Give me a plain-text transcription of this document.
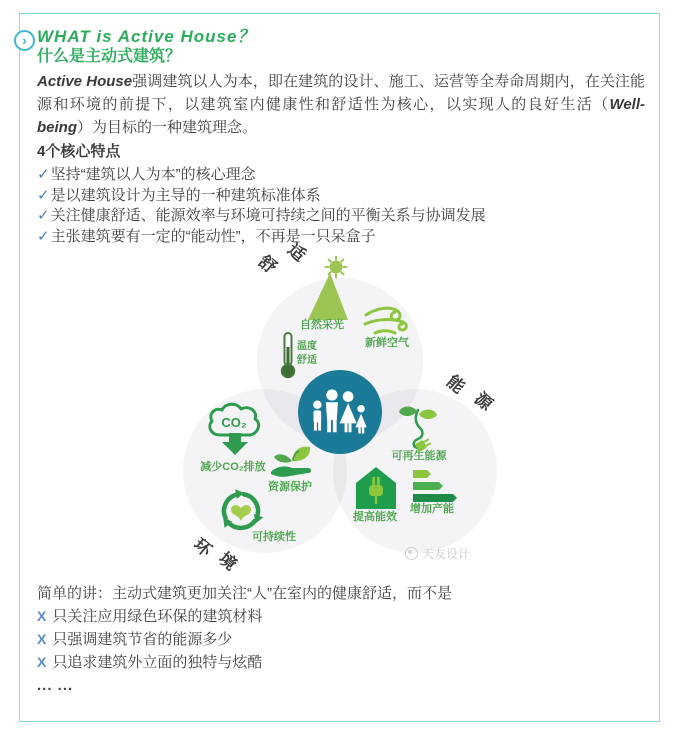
› WHAT is Active House？
什么是主动式建筑？

Active House强调建筑以人为本，即在建筑的设计、施工、运营等全寿命周期内，在关注能源和环境的前提下，以建筑室内健康性和舒适性为核心，以实现人的良好生活（Well-being）为目标的一种建筑理念。

4个核心特点
✓坚持“建筑以人为本”的核心理念
✓是以建筑设计为主导的一种建筑标准体系
✓关注健康舒适、能源效率与环境可持续之间的平衡关系与协调发展
✓主张建筑要有一定的“能动性”，不再是一只呆盒子
舒 适
能
源
环
境
自然采光
新鲜空气
温度
舒适
CO₂
减少CO₂排放
资源保护
可持续性
可再生能源
提高能效
增加产能
天友设计
简单的讲：主动式建筑更加关注“人”在室内的健康舒适，而不是
X 只关注应用绿色环保的建筑材料
X 只强调建筑节省的能源多少
X 只追求建筑外立面的独特与炫酷
... ...
